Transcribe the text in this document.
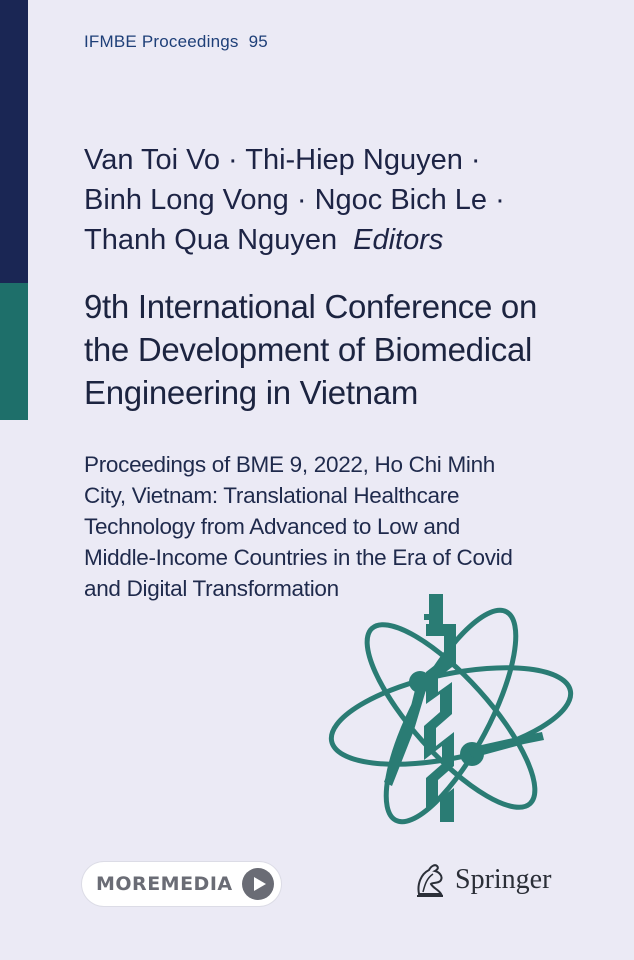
IFMBE Proceedings 95
Van Toi Vo · Thi-Hiep Nguyen ·
Binh Long Vong · Ngoc Bich Le ·
Thanh Qua Nguyen Editors
9th International Conference on
the Development of Biomedical
Engineering in Vietnam
Proceedings of BME 9, 2022, Ho Chi Minh
City, Vietnam: Translational Healthcare
Technology from Advanced to Low and
Middle-Income Countries in the Era of Covid
and Digital Transformation
MOREMEDIA	Springer
